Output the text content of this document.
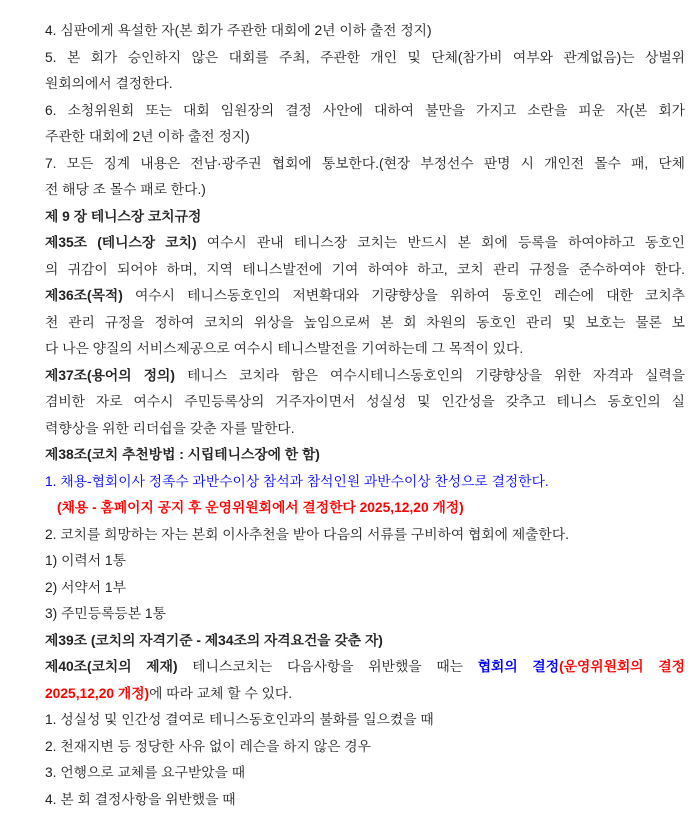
4. 심판에게 욕설한 자(본 회가 주관한 대회에 2년 이하 출전 정지)
5. 본 회가 승인하지 않은 대회를 주최, 주관한 개인 및 단체(참가비 여부와 관계없음)는 상벌위
원회의에서 결정한다.
6. 소청위원회 또는 대회 임원장의 결정 사안에 대하여 불만을 가지고 소란을 피운 자(본 회가
주관한 대회에 2년 이하 출전 정지)
7. 모든 징계 내용은 전남·광주권 협회에 통보한다.(현장 부정선수 판명 시 개인전 몰수 패, 단체
전 해당 조 몰수 패로 한다.)
제 9 장 테니스장 코치규정
제35조 (테니스장 코치) 여수시 관내 테니스장 코치는 반드시 본 회에 등록을 하여야하고 동호인
의 귀감이 되어야 하며, 지역 테니스발전에 기여 하여야 하고, 코치 관리 규정을 준수하여야 한다.
제36조(목적) 여수시 테니스동호인의 저변확대와 기량향상을 위하여 동호인 레슨에 대한 코치추
천 관리 규정을 정하여 코치의 위상을 높임으로써 본 회 차원의 동호인 관리 및 보호는 물론 보
다 나은 양질의 서비스제공으로 여수시 테니스발전을 기여하는데 그 목적이 있다.
제37조(용어의 정의) 테니스 코치라 함은 여수시테니스동호인의 기량향상을 위한 자격과 실력을
겸비한 자로 여수시 주민등록상의 거주자이면서 성실성 및 인간성을 갖추고 테니스 동호인의 실
력향상을 위한 리더쉽을 갖춘 자를 말한다.
제38조(코치 추천방법 : 시립테니스장에 한 함)
1. 채용-협회이사 정족수 과반수이상 참석과 참석인원 과반수이상 찬성으로 결정한다.
(채용 - 홈페이지 공지 후 운영위원회에서 결정한다 2025,12,20 개정)
2. 코치를 희망하는 자는 본회 이사추천을 받아 다음의 서류를 구비하여 협회에 제출한다.
1) 이력서 1통
2) 서약서 1부
3) 주민등록등본 1통
제39조 (코치의 자격기준 - 제34조의 자격요건을 갖춘 자)
제40조(코치의 제재) 테니스코치는 다음사항을 위반했을 때는 협회의 결정(운영위원회의 결정
2025,12,20 개정)에 따라 교체 할 수 있다.
1. 성실성 및 인간성 결여로 테니스동호인과의 불화를 일으켰을 때
2. 천재지변 등 정당한 사유 없이 레슨을 하지 않은 경우
3. 언행으로 교체를 요구받았을 때
4. 본 회 결정사항을 위반했을 때
